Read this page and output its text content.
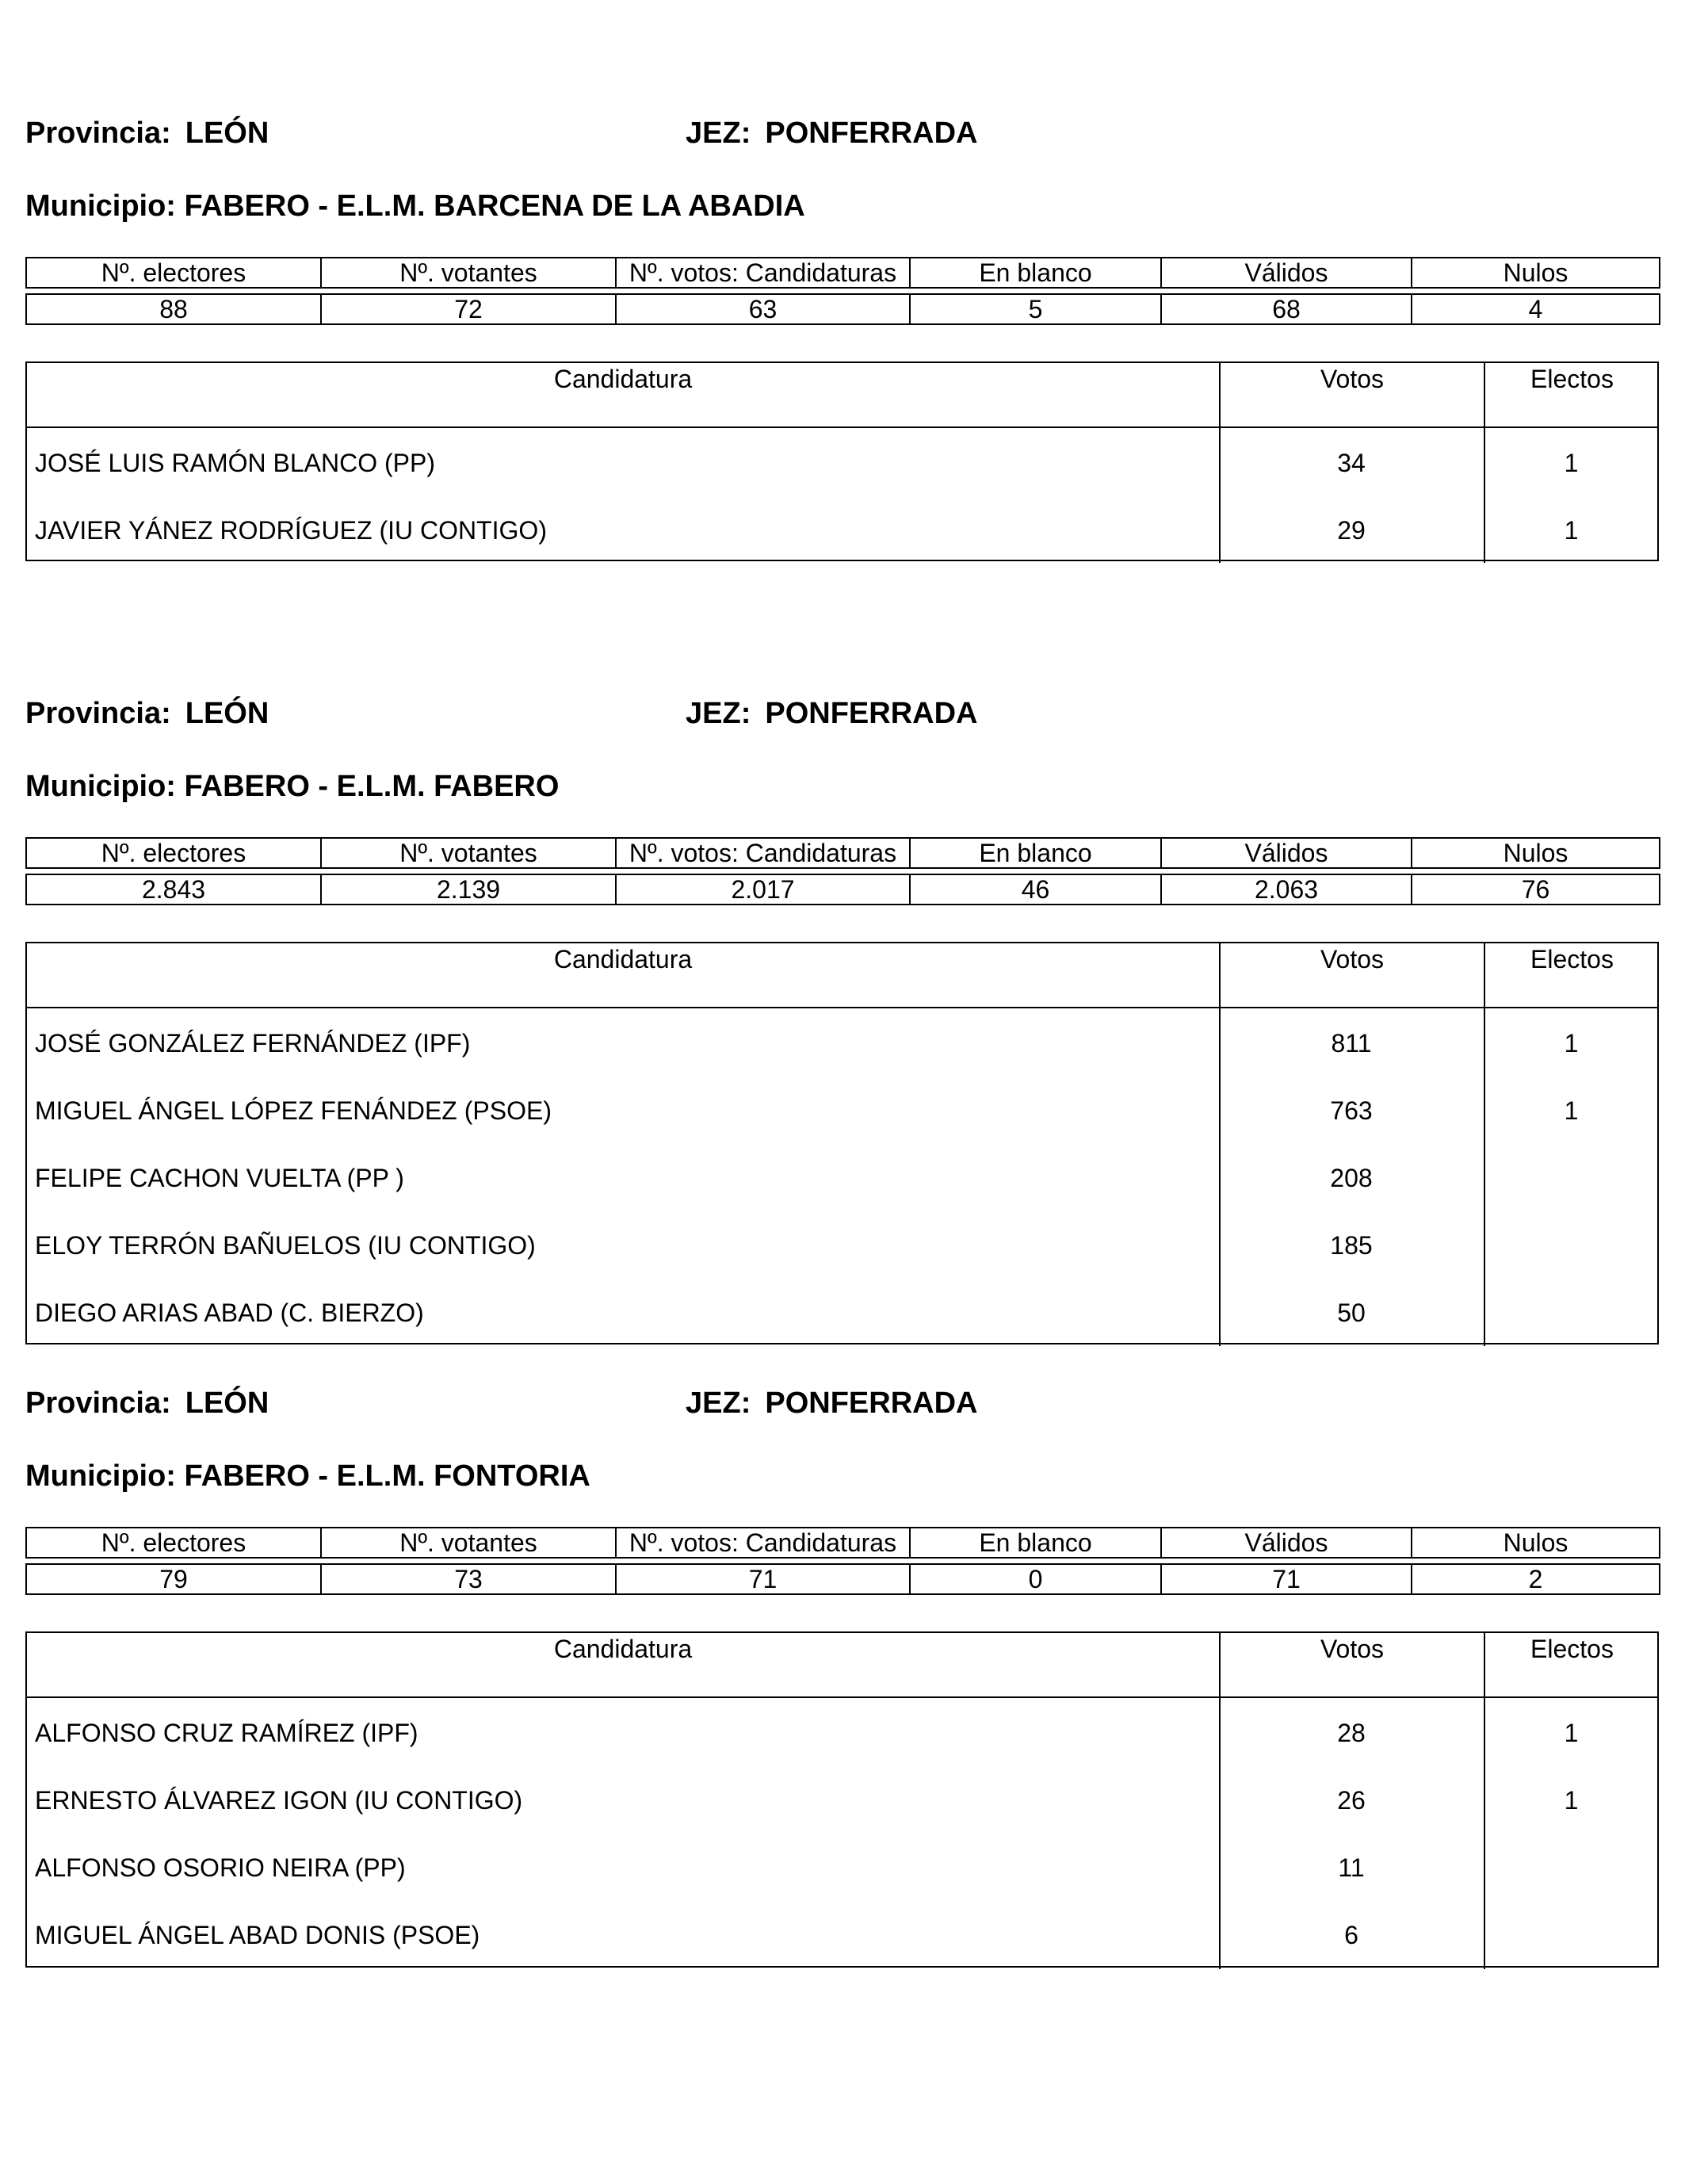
Provincia: LEÓN	JEZ: PONFERRADA
Municipio: FABERO - E.L.M. BARCENA DE LA ABADIA
Nº. electores	Nº. votantes	Nº. votos: Candidaturas	En blanco	Válidos	Nulos

88	72	63	5	68	4
Candidatura	Votos	Electos
JOSÉ LUIS RAMÓN BLANCO (PP)	34	1
JAVIER YÁNEZ RODRÍGUEZ (IU CONTIGO)	29	1
Provincia: LEÓN	JEZ: PONFERRADA
Municipio: FABERO - E.L.M. FABERO
Nº. electores	Nº. votantes	Nº. votos: Candidaturas	En blanco	Válidos	Nulos

2.843	2.139	2.017	46	2.063	76
Candidatura	Votos	Electos
JOSÉ GONZÁLEZ FERNÁNDEZ (IPF)	811	1
MIGUEL ÁNGEL LÓPEZ FENÁNDEZ (PSOE)	763	1
FELIPE CACHON VUELTA (PP )	208
ELOY TERRÓN BAÑUELOS (IU CONTIGO)	185
DIEGO ARIAS ABAD (C. BIERZO)	50
Provincia: LEÓN	JEZ: PONFERRADA
Municipio: FABERO - E.L.M. FONTORIA
Nº. electores	Nº. votantes	Nº. votos: Candidaturas	En blanco	Válidos	Nulos

79	73	71	0	71	2
Candidatura	Votos	Electos
ALFONSO CRUZ RAMÍREZ (IPF)	28	1
ERNESTO ÁLVAREZ IGON (IU CONTIGO)	26	1
ALFONSO OSORIO NEIRA (PP)	11
MIGUEL ÁNGEL ABAD DONIS (PSOE)	6
